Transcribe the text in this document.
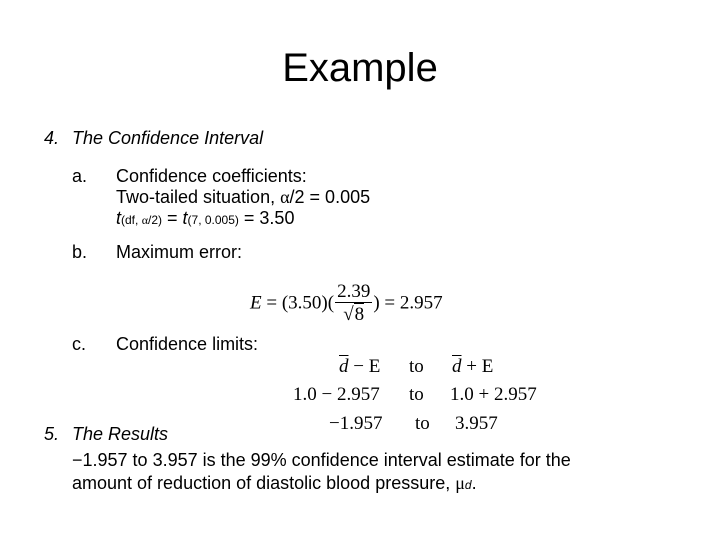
Example
4. The Confidence Interval
a. Confidence coefficients:
Two-tailed situation, α/2 = 0.005
t(df, α/2) = t(7, 0.005) = 3.50
b. Maximum error:
$E = (3.50)( \frac{2.39}{√8}$ ) = 2.957
c. Confidence limits:
$\overline{d} - E$ to $\overline{d} + E$
1.0 − 2.957 to 1.0 + 2.957
−1.957 to 3.957
5. The Results
−1.957 to 3.957 is the 99% confidence interval estimate for the
amount of reduction of diastolic blood pressure, μd.
